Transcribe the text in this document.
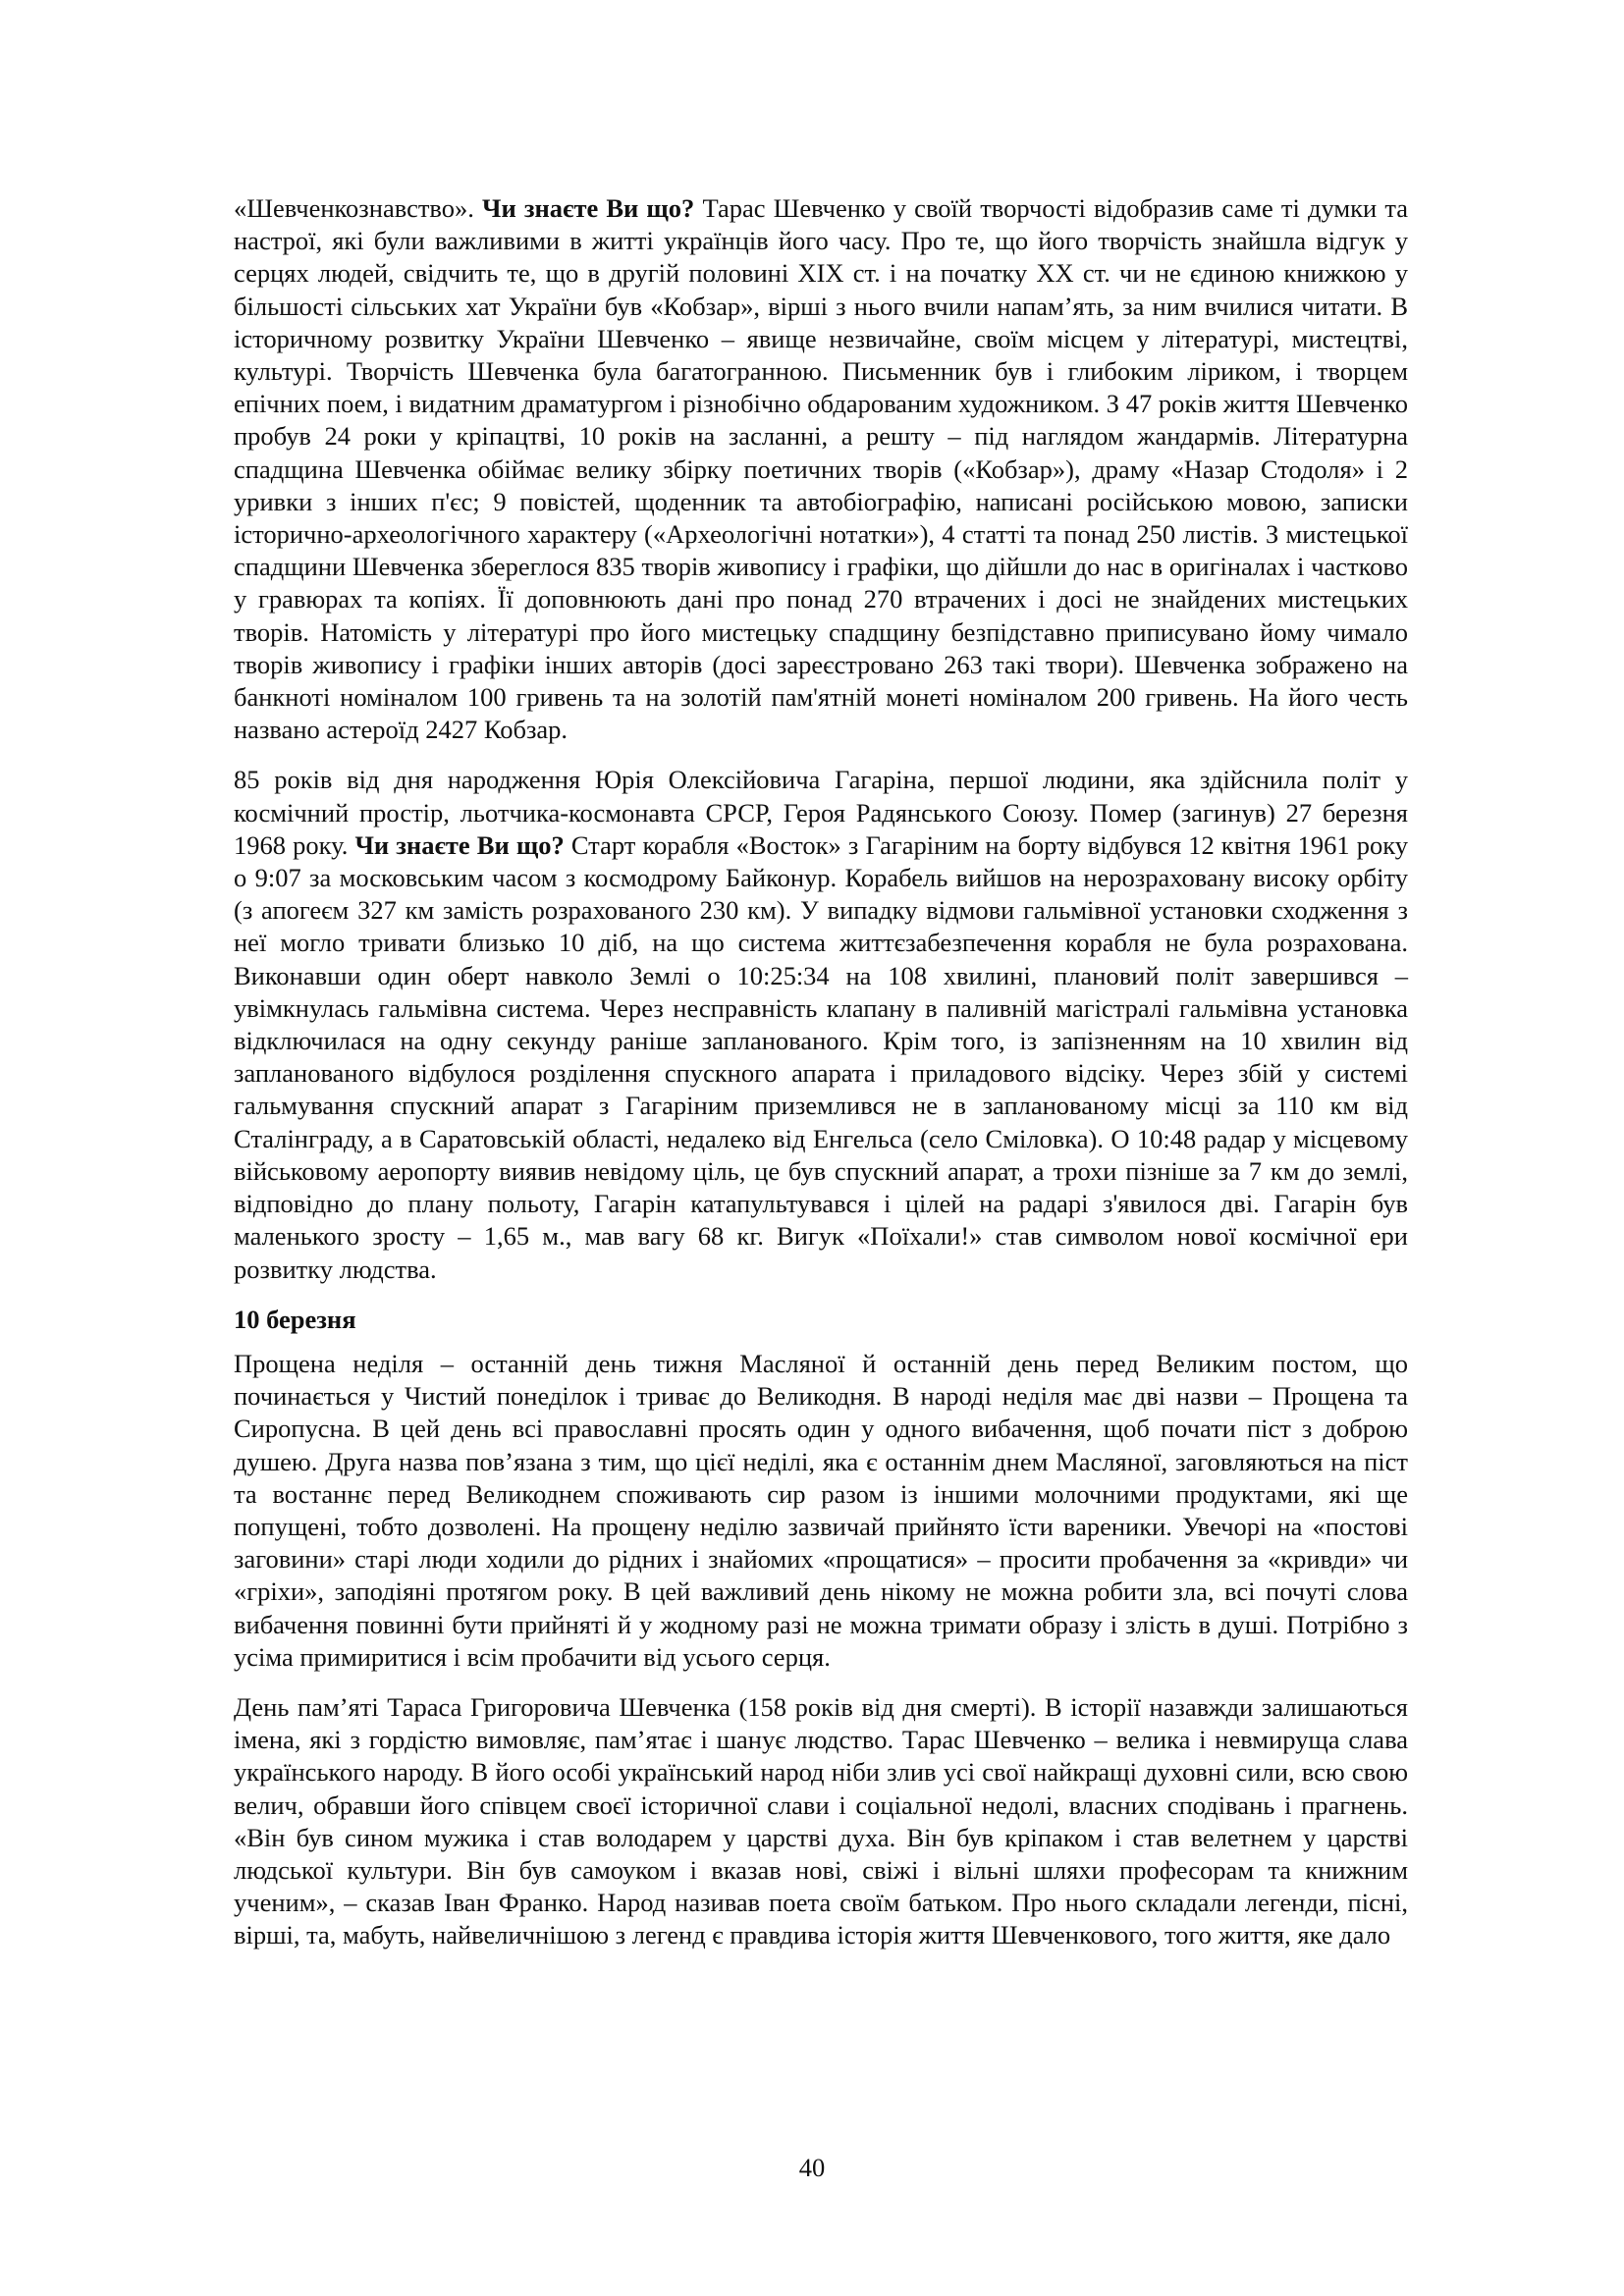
«Шевченкознавство». Чи знаєте Ви що? Тарас Шевченко у своїй творчості відобразив саме ті думки та настрої, які були важливими в житті українців його часу. Про те, що його творчість знайшла відгук у серцях людей, свідчить те, що в другій половині XIX ст. і на початку XX ст. чи не єдиною книжкою у більшості сільських хат України був «Кобзар», вірші з нього вчили напам’ять, за ним вчилися читати. В історичному розвитку України Шевченко – явище незвичайне, своїм місцем у літературі, мистецтві, культурі. Творчість Шевченка була багатогранною. Письменник був і глибоким ліриком, і творцем епічних поем, і видатним драматургом і різнобічно обдарованим художником. З 47 років життя Шевченко пробув 24 роки у кріпацтві, 10 років на засланні, а решту – під наглядом жандармів. Літературна спадщина Шевченка обіймає велику збірку поетичних творів («Кобзар»), драму «Назар Стодоля» і 2 уривки з інших п'єс; 9 повістей, щоденник та автобіографію, написані російською мовою, записки історично-археологічного характеру («Археологічні нотатки»), 4 статті та понад 250 листів. З мистецької спадщини Шевченка збереглося 835 творів живопису і графіки, що дійшли до нас в оригіналах і частково у гравюрах та копіях. Її доповнюють дані про понад 270 втрачених і досі не знайдених мистецьких творів. Натомість у літературі про його мистецьку спадщину безпідставно приписувано йому чимало творів живопису і графіки інших авторів (досі зареєстровано 263 такі твори). Шевченка зображено на банкноті номіналом 100 гривень та на золотій пам'ятній монеті номіналом 200 гривень. На його честь названо астероїд 2427 Кобзар.

85 років від дня народження Юрія Олексійовича Гагаріна, першої людини, яка здійснила політ у космічний простір, льотчика-космонавта СРСР, Героя Радянського Союзу. Помер (загинув) 27 березня 1968 року. Чи знаєте Ви що? Старт корабля «Восток» з Гагаріним на борту відбувся 12 квітня 1961 року о 9:07 за московським часом з космодрому Байконур. Корабель вийшов на нерозраховану високу орбіту (з апогеєм 327 км замість розрахованого 230 км). У випадку відмови гальмівної установки сходження з неї могло тривати близько 10 діб, на що система життєзабезпечення корабля не була розрахована. Виконавши один оберт навколо Землі о 10:25:34 на 108 хвилині, плановий політ завершився – увімкнулась гальмівна система. Через несправність клапану в паливній магістралі гальмівна установка відключилася на одну секунду раніше запланованого. Крім того, із запізненням на 10 хвилин від запланованого відбулося розділення спускного апарата і приладового відсіку. Через збій у системі гальмування спускний апарат з Гагаріним приземлився не в запланованому місці за 110 км від Сталінграду, а в Саратовській області, недалеко від Енгельса (село Сміловка). О 10:48 радар у місцевому військовому аеропорту виявив невідому ціль, це був спускний апарат, а трохи пізніше за 7 км до землі, відповідно до плану польоту, Гагарін катапультувався і цілей на радарі з'явилося дві. Гагарін був маленького зросту – 1,65 м., мав вагу 68 кг. Вигук «Поїхали!» став символом нової космічної ери розвитку людства.

10 березня

Прощена неділя – останній день тижня Масляної й останній день перед Великим постом, що починається у Чистий понеділок і триває до Великодня. В народі неділя має дві назви – Прощена та Сиропусна. В цей день всі православні просять один у одного вибачення, щоб почати піст з доброю душею. Друга назва пов’язана з тим, що цієї неділі, яка є останнім днем Масляної, заговляються на піст та востаннє перед Великоднем споживають сир разом із іншими молочними продуктами, які ще попущені, тобто дозволені. На прощену неділю зазвичай прийнято їсти вареники. Увечорі на «постові заговини» старі люди ходили до рідних і знайомих «прощатися» – просити пробачення за «кривди» чи «гріхи», заподіяні протягом року. В цей важливий день нікому не можна робити зла, всі почуті слова вибачення повинні бути прийняті й у жодному разі не можна тримати образу і злість в душі. Потрібно з усіма примиритися і всім пробачити від усього серця.

День пам’яті Тараса Григоровича Шевченка (158 років від дня смерті). В історії назавжди залишаються імена, які з гордістю вимовляє, пам’ятає і шанує людство. Тарас Шевченко – велика і невмируща слава українського народу. В його особі український народ ніби злив усі свої найкращі духовні сили, всю свою велич, обравши його співцем своєї історичної слави і соціальної недолі, власних сподівань і прагнень. «Він був сином мужика і став володарем у царстві духа. Він був кріпаком і став велетнем у царстві людської культури. Він був самоуком і вказав нові, свіжі і вільні шляхи професорам та книжним ученим», – сказав Іван Франко. Народ називав поета своїм батьком. Про нього складали легенди, пісні, вірші, та, мабуть, найвеличнішою з легенд є правдива історія життя Шевченкового, того життя, яке дало

40
